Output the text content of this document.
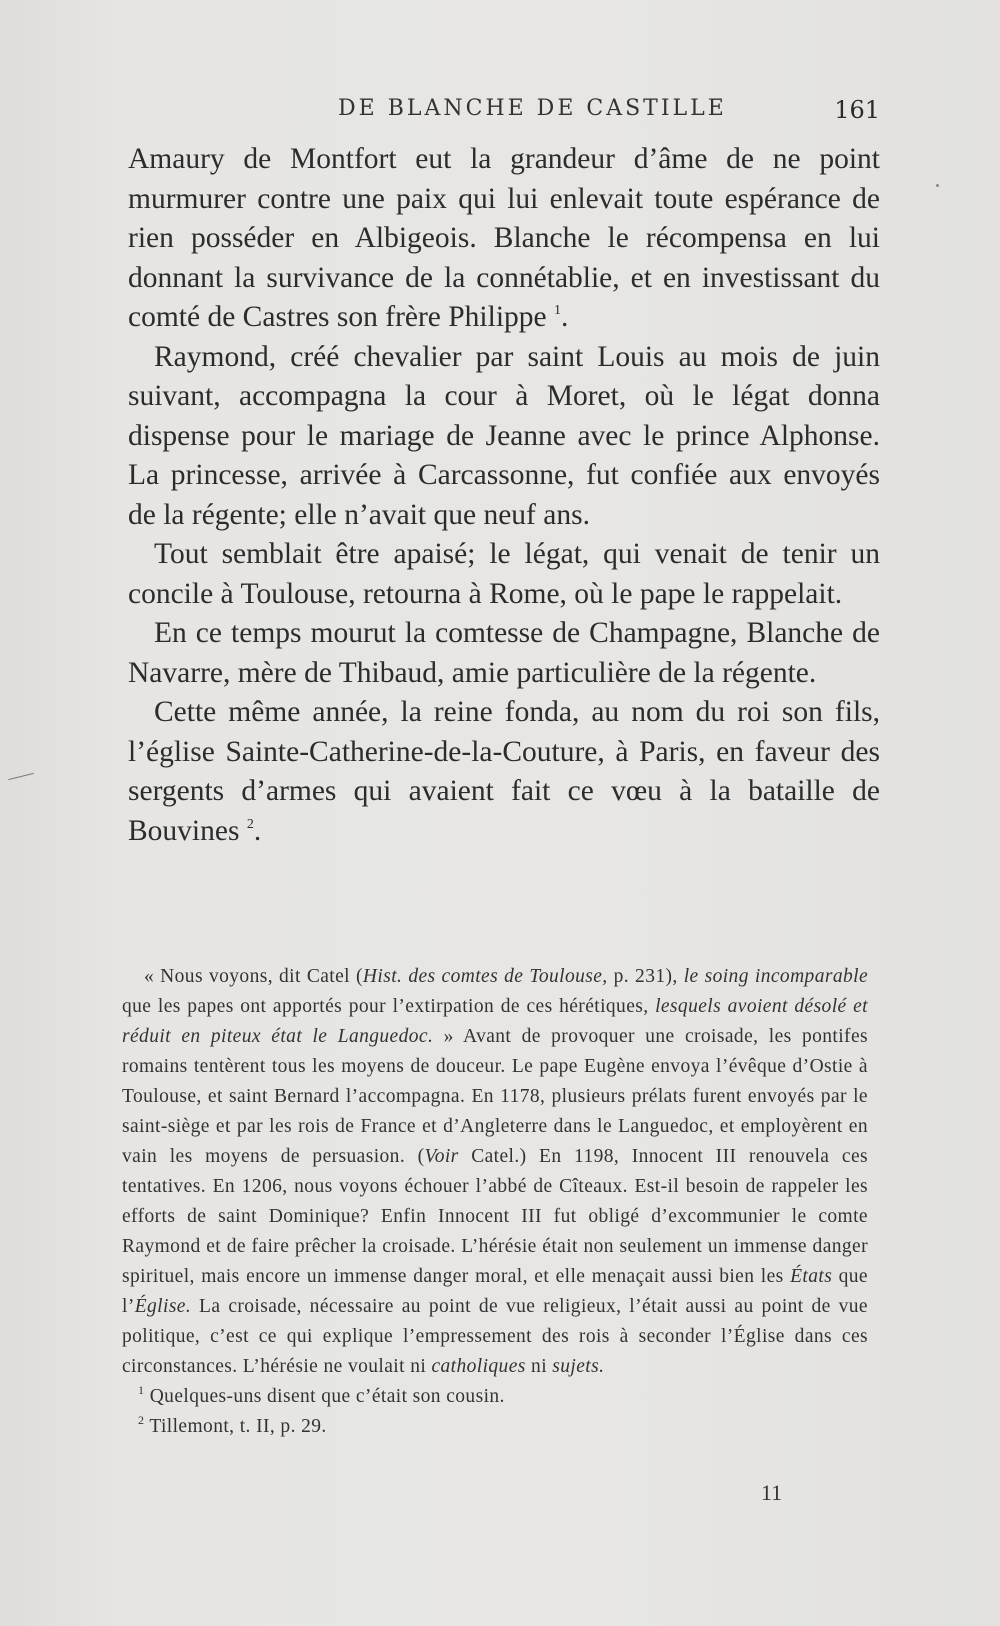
DE BLANCHE DE CASTILLE	161

Amaury de Montfort eut la grandeur d’âme de ne point murmurer contre une paix qui lui enlevait toute espérance de rien posséder en Albigeois. Blanche le récompensa en lui donnant la survivance de la connétablie, et en investissant du comté de Castres son frère Philippe $^1$.

Raymond, créé chevalier par saint Louis au mois de juin suivant, accompagna la cour à Moret, où le légat donna dispense pour le mariage de Jeanne avec le prince Alphonse. La princesse, arrivée à Carcassonne, fut confiée aux envoyés de la régente; elle n’avait que neuf ans.

Tout semblait être apaisé; le légat, qui venait de tenir un concile à Toulouse, retourna à Rome, où le pape le rappelait.

En ce temps mourut la comtesse de Champagne, Blanche de Navarre, mère de Thibaud, amie particulière de la régente.

Cette même année, la reine fonda, au nom du roi son fils, l’église Sainte-Catherine-de-la-Couture, à Paris, en faveur des sergents d’armes qui avaient fait ce vœu à la bataille de Bouvines $^2$.

« Nous voyons, dit Catel (Hist. des comtes de Toulouse, p. 231), le soing incomparable que les papes ont apportés pour l’extirpation de ces hérétiques, lesquels avoient désolé et réduit en piteux état le Languedoc. » Avant de provoquer une croisade, les pontifes romains tentèrent tous les moyens de douceur. Le pape Eugène envoya l’évêque d’Ostie à Toulouse, et saint Bernard l’accompagna. En 1178, plusieurs prélats furent envoyés par le saint-siège et par les rois de France et d’Angleterre dans le Languedoc, et employèrent en vain les moyens de persuasion. (Voir Catel.) En 1198, Innocent III renouvela ces tentatives. En 1206, nous voyons échouer l’abbé de Cîteaux. Est-il besoin de rappeler les efforts de saint Dominique? Enfin Innocent III fut obligé d’excommunier le comte Raymond et de faire prêcher la croisade. L’hérésie était non seulement un immense danger spirituel, mais encore un immense danger moral, et elle menaçait aussi bien les États que l’Église. La croisade, nécessaire au point de vue religieux, l’était aussi au point de vue politique, c’est ce qui explique l’empressement des rois à seconder l’Église dans ces circonstances. L’hérésie ne voulait ni catholiques ni sujets.

$^1$ Quelques-uns disent que c’était son cousin.

$^2$ Tillemont, t. II, p. 29.

11
